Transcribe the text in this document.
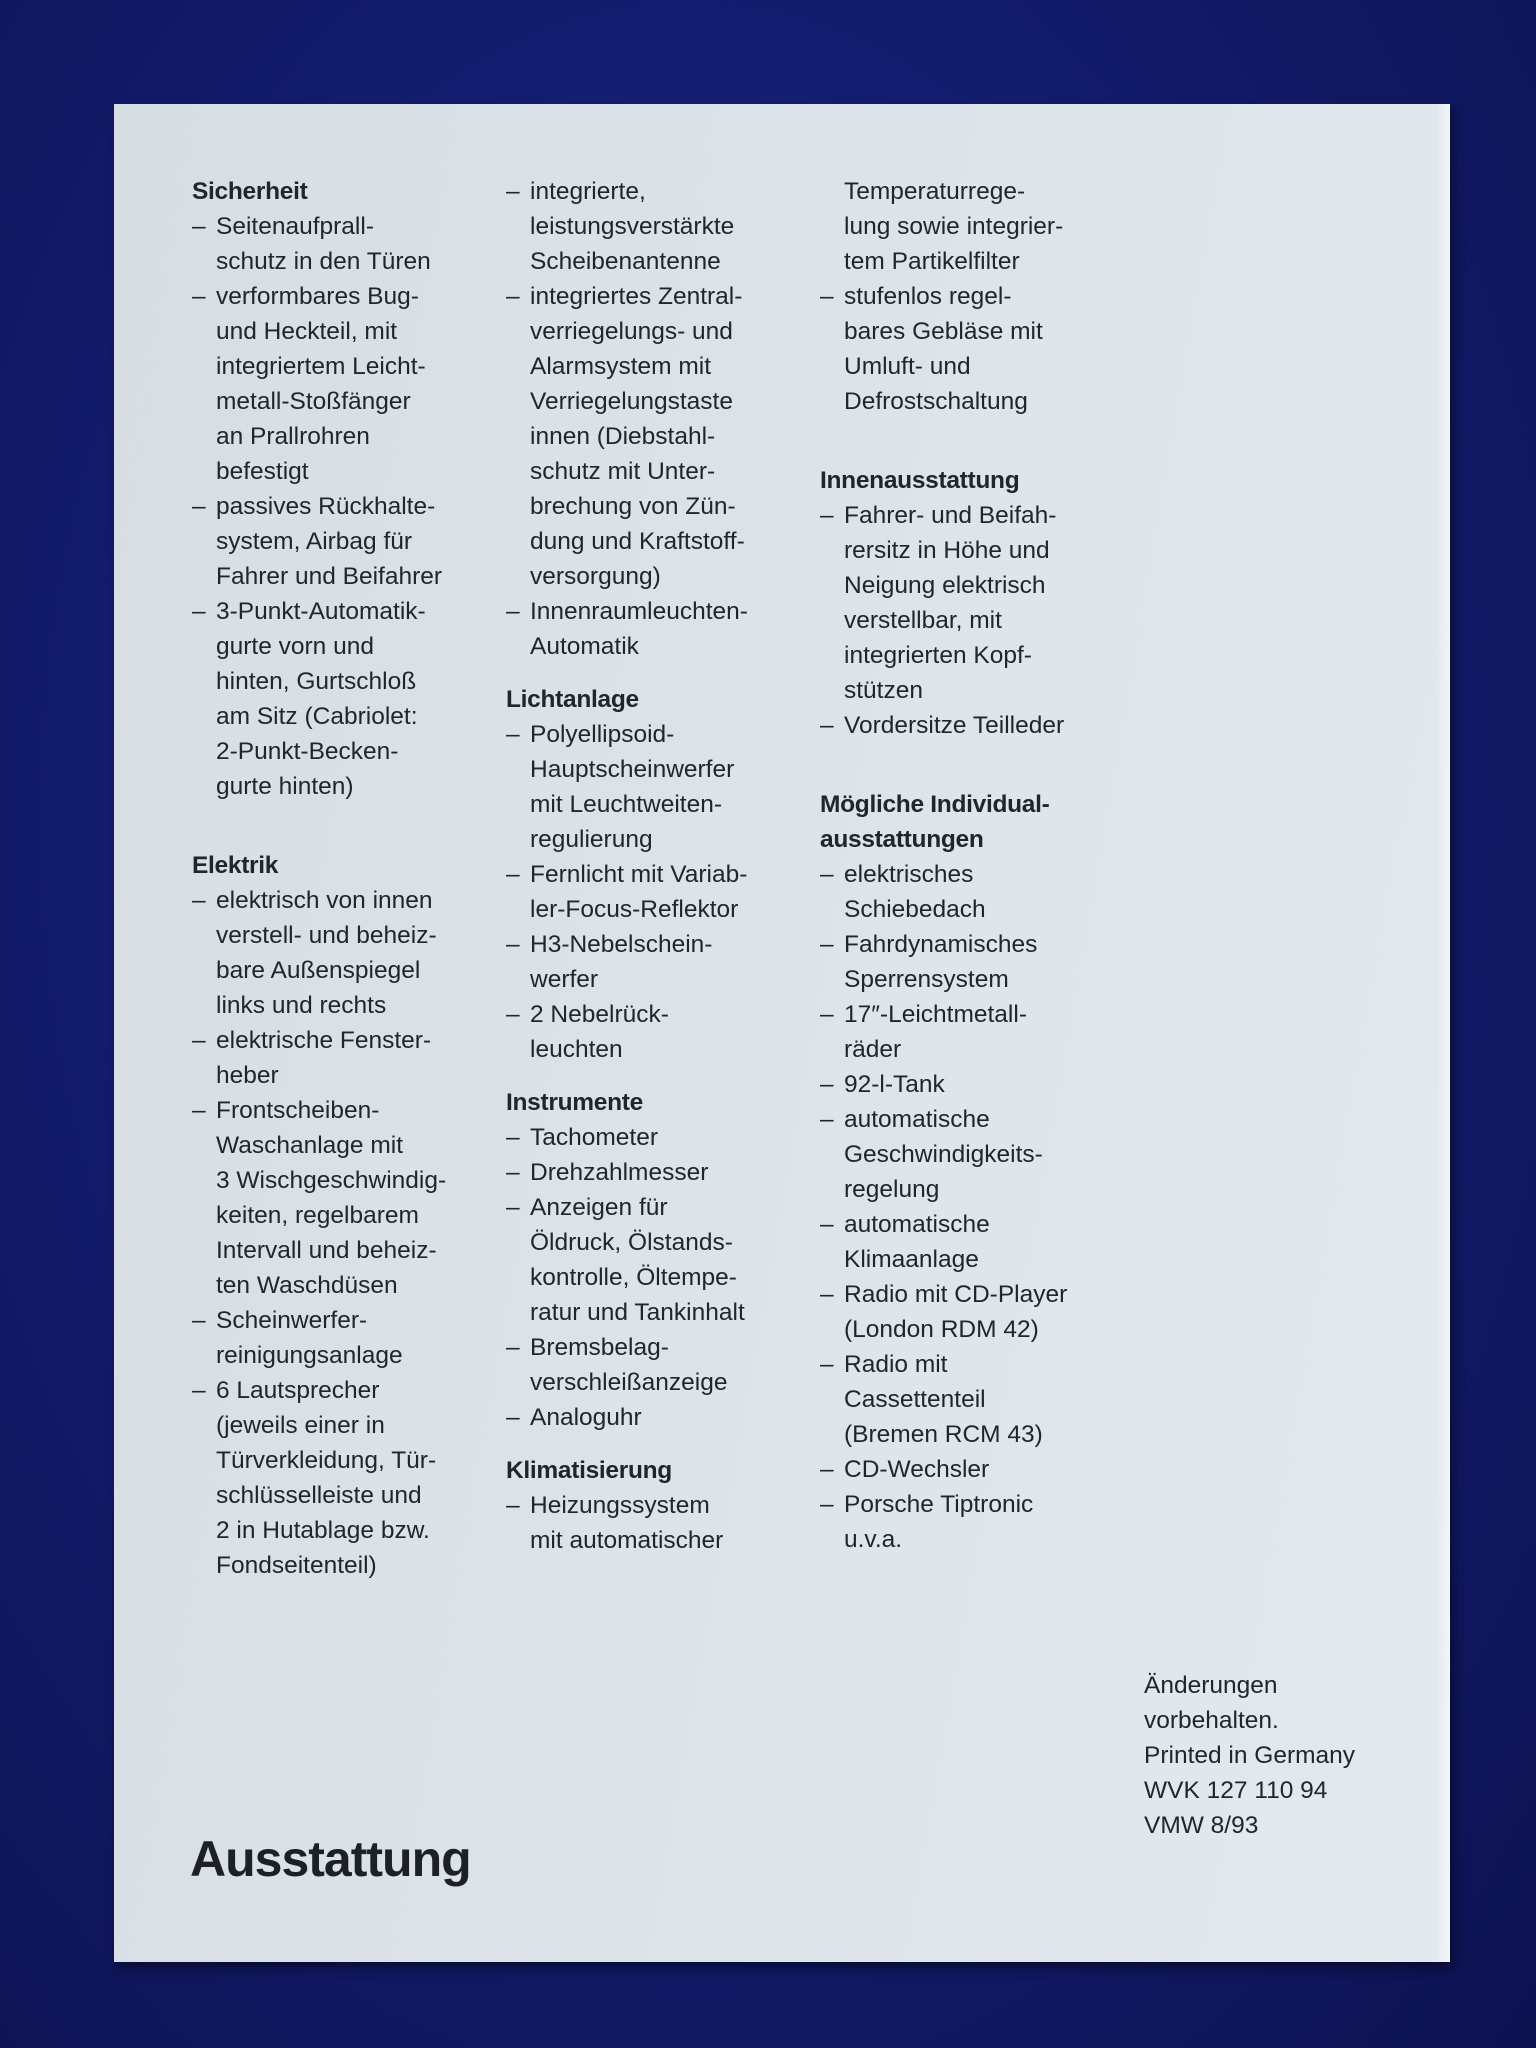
Sicherheit
– Seitenaufprall-
schutz in den Türen
– verformbares Bug-
und Heckteil, mit
integriertem Leicht-
metall-Stoßfänger
an Prallrohren
befestigt
– passives Rückhalte-
system, Airbag für
Fahrer und Beifahrer
– 3-Punkt-Automatik-
gurte vorn und
hinten, Gurtschloß
am Sitz (Cabriolet:
2-Punkt-Becken-
gurte hinten)
Elektrik
– elektrisch von innen
verstell- und beheiz-
bare Außenspiegel
links und rechts
– elektrische Fenster-
heber
– Frontscheiben-
Waschanlage mit
3 Wischgeschwindig-
keiten, regelbarem
Intervall und beheiz-
ten Waschdüsen
– Scheinwerfer-
reinigungsanlage
– 6 Lautsprecher
(jeweils einer in
Türverkleidung, Tür-
schlüsselleiste und
2 in Hutablage bzw.
Fondseitenteil)
– integrierte,
leistungsverstärkte
Scheibenantenne
– integriertes Zentral-
verriegelungs- und
Alarmsystem mit
Verriegelungstaste
innen (Diebstahl-
schutz mit Unter-
brechung von Zün-
dung und Kraftstoff-
versorgung)
– Innenraumleuchten-
Automatik
Lichtanlage
– Polyellipsoid-
Hauptscheinwerfer
mit Leuchtweiten-
regulierung
– Fernlicht mit Variab-
ler-Focus-Reflektor
– H3-Nebelschein-
werfer
– 2 Nebelrück-
leuchten
Instrumente
– Tachometer
– Drehzahlmesser
– Anzeigen für
Öldruck, Ölstands-
kontrolle, Öltempe-
ratur und Tankinhalt
– Bremsbelag-
verschleißanzeige
– Analoguhr
Klimatisierung
– Heizungssystem
mit automatischer

Temperaturrege-
lung sowie integrier-
tem Partikelfilter

– stufenlos regel-
bares Gebläse mit
Umluft- und
Defrostschaltung
Innenausstattung
– Fahrer- und Beifah-
rersitz in Höhe und
Neigung elektrisch
verstellbar, mit
integrierten Kopf-
stützen
– Vordersitze Teilleder
Mögliche Individual-
ausstattungen
– elektrisches
Schiebedach
– Fahrdynamisches
Sperrensystem
– 17″-Leichtmetall-
räder
– 92-l-Tank
– automatische
Geschwindigkeits-
regelung
– automatische
Klimaanlage
– Radio mit CD-Player
(London RDM 42)
– Radio mit
Cassettenteil
(Bremen RCM 43)
– CD-Wechsler
– Porsche Tiptronic
u.v.a.
Änderungen
vorbehalten.
Printed in Germany
WVK 127 110 94
VMW 8/93
Ausstattung
